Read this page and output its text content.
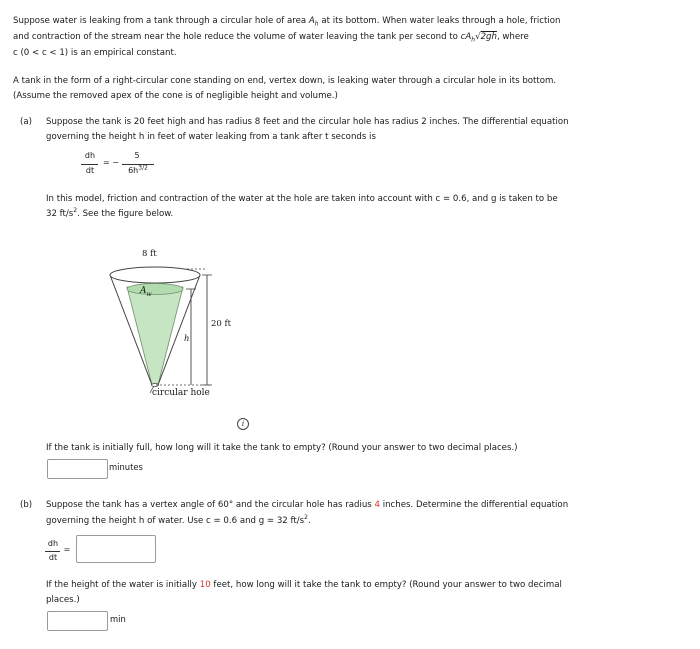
Suppose water is leaking from a tank through a circular hole of area $A_h$ at its bottom. When water leaks through a hole, friction
and contraction of the stream near the hole reduce the volume of water leaving the tank per second to $cA_h√2gh$, where
c (0 < c < 1) is an empirical constant.
A tank in the form of a right-circular cone standing on end, vertex down, is leaking water through a circular hole in its bottom.
(Assume the removed apex of the cone is of negligible height and volume.)
(a) Suppose the tank is 20 feet high and has radius 8 feet and the circular hole has radius 2 inches. The differential equation
governing the height h in feet of water leaking from a tank after t seconds is
dh
dt
= −
5
$6h^{3/2}$
In this model, friction and contraction of the water at the hole are taken into account with c = 0.6, and g is taken to be
32 $ft/s^2$. See the figure below.
8 ft
$A_w$
20 ft
h
circular hole
i
If the tank is initially full, how long will it take the tank to empty? (Round your answer to two decimal places.)
minutes
(b) Suppose the tank has a vertex angle of 60° and the circular hole has radius 4 inches. Determine the differential equation
governing the height h of water. Use c = 0.6 and g = 32 $ft/s^2$.
dh
dt
=
If the height of the water is initially 10 feet, how long will it take the tank to empty? (Round your answer to two decimal
places.)
min
